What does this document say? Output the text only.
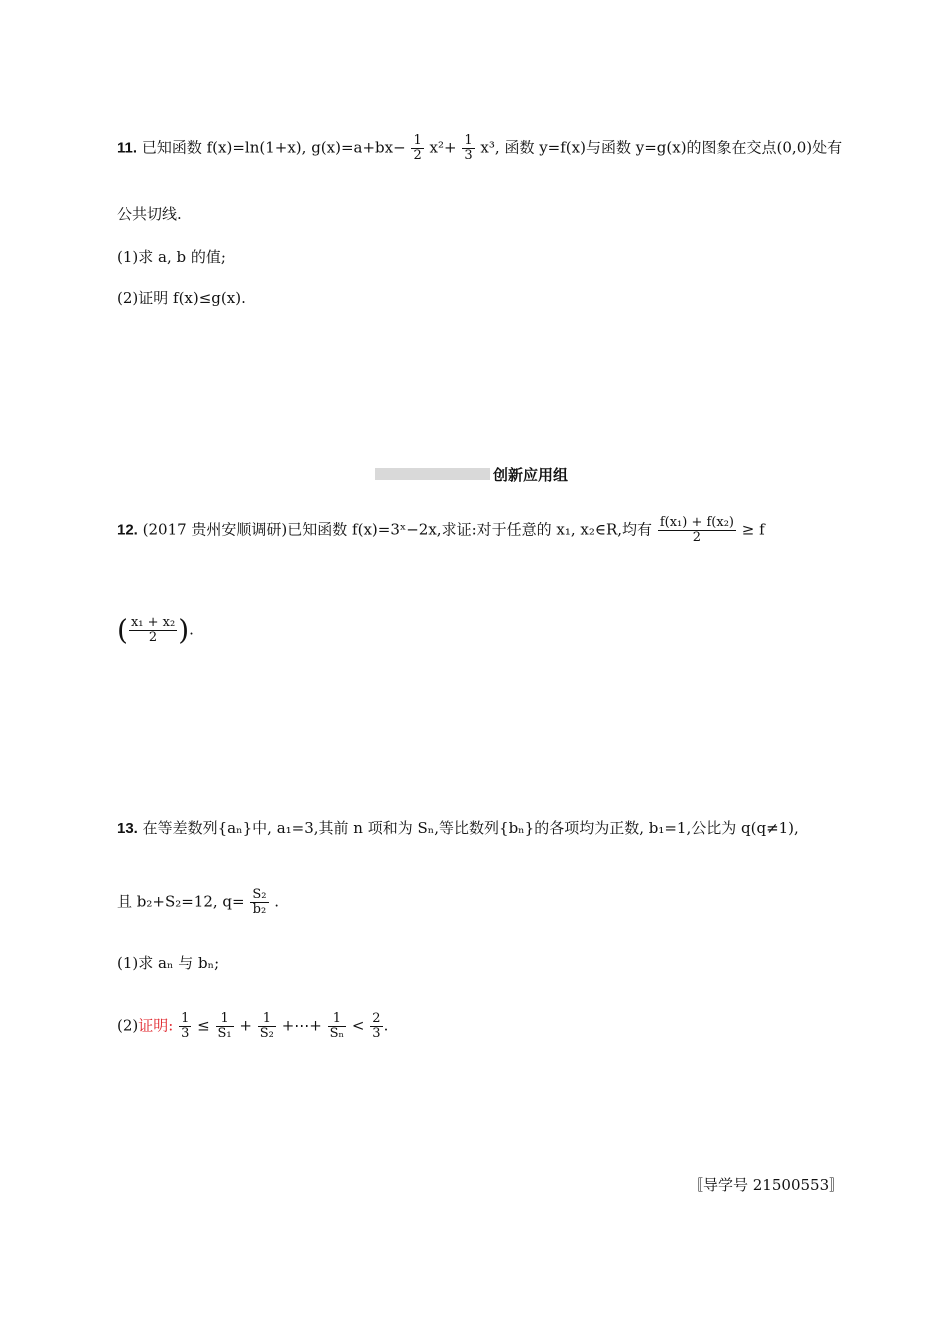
11. 已知函数 f(x)=ln(1+x), $g(x)=a+bx- \frac{1}{2} x^2+ \frac{1}{3} x^3$, 函数 y=f(x)与函数 y=g(x)的图象在交点(0,0)处有
公共切线.
(1)求 a, b 的值;
(2)证明 f(x)≤g(x).
创新应用组
12. (2017 贵州安顺调研)已知函数 f(x)=3ˣ−2x,求证:对于任意的 x₁, x₂∈R,均有 $\frac{\text{f(x₁) + f(x₂)}}{2} \ge f$
( $\frac{\text{x₁ + x₂}}{2}$ ).
13. 在等差数列{aₙ}中, a₁=3,其前 n 项和为 Sₙ,等比数列{bₙ}的各项均为正数, b₁=1,公比为 q(q≠1),
且 b₂+S₂=12, $q= \frac{\text{S₂}}{\text{b₂}}$ .
(1)求 aₙ 与 bₙ;
(2)证明: $\frac{1}{3} \le \frac{1}{\text{S₁}} + \frac{1}{\text{S₂}}$ +⋯+ $\frac{1}{\text{Sₙ}} < \frac{2}{3}$ .
〚导学号 21500553〛
